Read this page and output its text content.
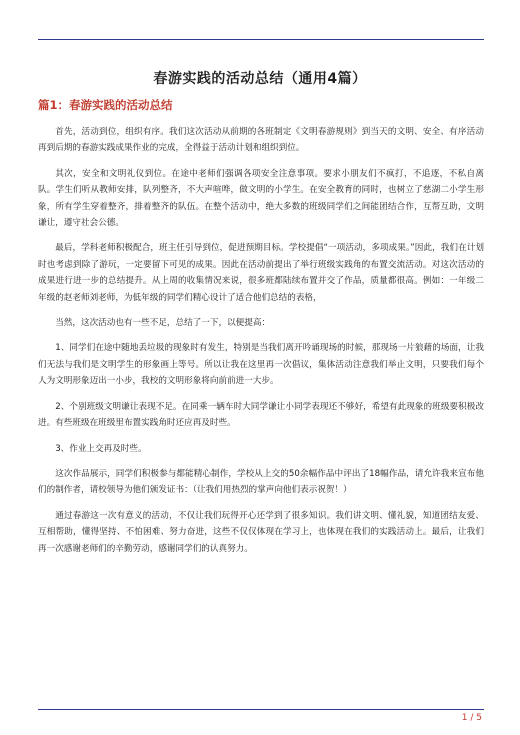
春游实践的活动总结（通用4篇）
篇1：春游实践的活动总结

首先，活动到位，组织有序。我们这次活动从前期的各班制定《文明春游规则》到当天的文明、安全、有序活动再到后期的春游实践成果作业的完成，全得益于活动计划和组织到位。

其次，安全和文明礼仪到位。在途中老师们强调各项安全注意事项。要求小朋友们不疯打，不追逐，不私自离队。学生们听从教师安排，队列整齐，不大声喧哗，做文明的小学生。在安全教育的同时，也树立了慈湖二小学生形象，所有学生穿着整齐，排着整齐的队伍。在整个活动中，绝大多数的班级同学们之间能团结合作，互帮互助，文明谦让，遵守社会公德。

最后，学科老师积极配合，班主任引导到位，促进预期目标。学校提倡“一项活动，多项成果。”因此，我们在计划时也考虑到除了游玩，一定要留下可见的成果。因此在活动前提出了举行班级实践角的布置交流活动。对这次活动的成果进行进一步的总结提升。从上周的收集情况来说，很多班都陆续布置并交了作品，质量都很高。例如：一年级二年级的赵老师刘老师，为低年级的同学们精心设计了适合他们总结的表格，

当然，这次活动也有一些不足，总结了一下，以便提高：

1、同学们在途中随地丢垃圾的现象时有发生，特别是当我们离开吟诵现场的时候，那现场一片狼藉的场面，让我们无法与我们是文明学生的形象画上等号。所以让我在这里再一次倡议，集体活动注意我们举止文明，只要我们每个人为文明形象迈出一小步，我校的文明形象将向前前进一大步。

2、个别班级文明谦让表现不足。在同乘一辆车时大同学谦让小同学表现还不够好，希望有此现象的班级要积极改进。有些班级在班级里布置实践角时还应再及时些。

3、作业上交再及时些。

这次作品展示，同学们积极参与都能精心制作，学校从上交的50余幅作品中评出了18幅作品，请允许我来宣布他们的制作者，请校领导为他们颁发证书：（让我们用热烈的掌声向他们表示祝贺！）

通过春游这一次有意义的活动，不仅让我们玩得开心还学到了很多知识。我们讲文明、懂礼貌，知道团结友爱、互相帮助，懂得坚持、不怕困难、努力奋进，这些不仅仅体现在学习上，也体现在我们的实践活动上。最后，让我们再一次感谢老师们的辛勤劳动，感谢同学们的认真努力。

1 / 5
